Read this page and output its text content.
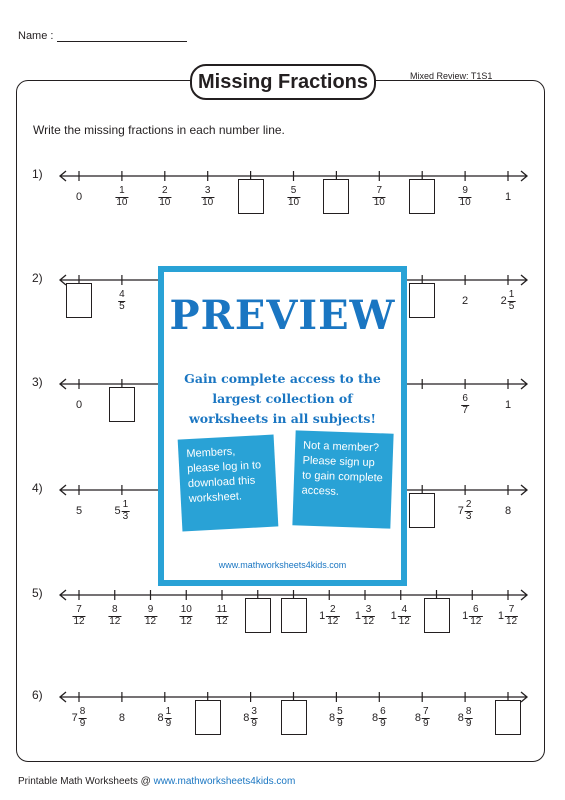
Name :
Missing Fractions	Mixed Review: T1S1
Write the missing fractions in each number line.
1)
0	$\frac{1}{10}$	$\frac{2}{10}$	$\frac{3}{10}$	$\frac{5}{10}$	$\frac{7}{10}$	$\frac{9}{10}$	1
2)
$\frac{4}{5}$	2	$2 \frac{1}{5}$
3)
0	$\frac{6}{7}$	1
4)
5	$5 \frac{1}{3}$	$7 \frac{2}{3}$	8
5)
$\frac{7}{12} \frac{8}{12} \frac{9}{12} \frac{10}{12} \frac{11}{12}$	$1 \frac{2}{12} 1 \frac{3}{12} 1 \frac{4}{12}$	$1 \frac{6}{12} 1 \frac{7}{12}$
6)
$7 \frac{8}{9}$	8	$8 \frac{1}{9}$	$8 \frac{3}{9}$	$8 \frac{5}{9}$	$8 \frac{6}{9}$	$8 \frac{7}{9}$	$8 \frac{8}{9}$
PREVIEW
Gain complete access to the largest collection of worksheets in all subjects!
Members, please log in to download this worksheet.
Not a member? Please sign up to gain complete access.
www.mathworksheets4kids.com
Printable Math Worksheets @ www.mathworksheets4kids.com
